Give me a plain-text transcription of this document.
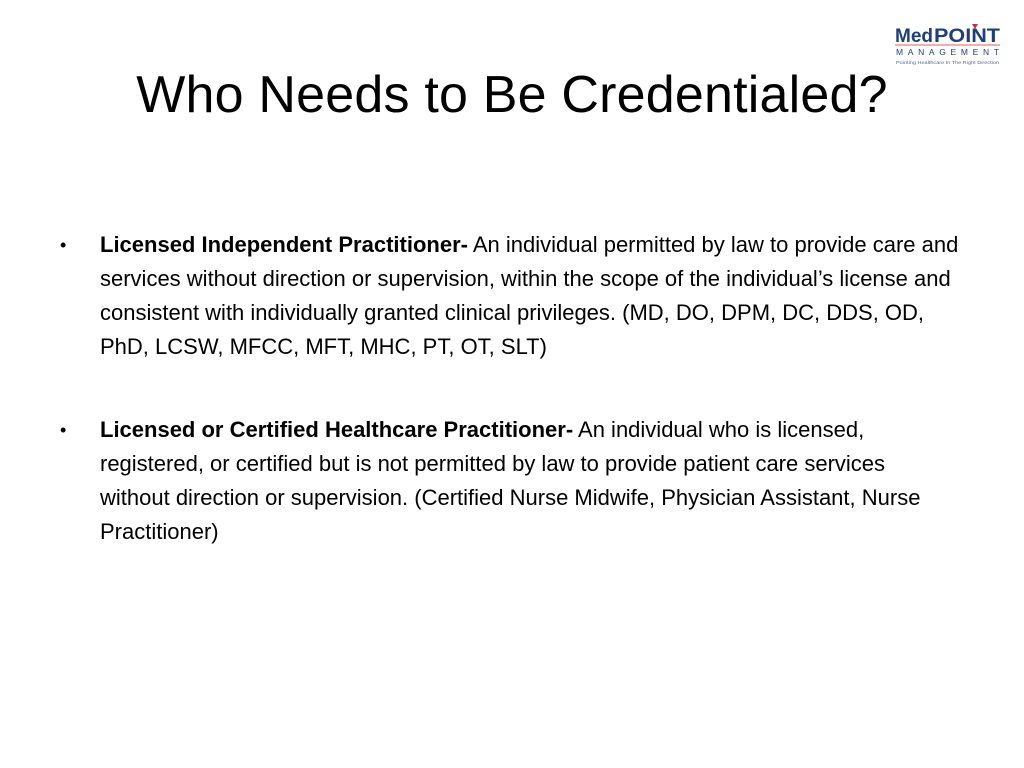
Med POINT
MANAGEMENT
Pointing Healthcare In The Right Direction
Who Needs to Be Credentialed?
•	Licensed Independent Practitioner- An individual permitted by law to provide care and services without direction or supervision, within the scope of the individual’s license and consistent with individually granted clinical privileges. (MD, DO, DPM, DC, DDS, OD, PhD, LCSW, MFCC, MFT, MHC, PT, OT, SLT)
•	Licensed or Certified Healthcare Practitioner- An individual who is licensed, registered, or certified but is not permitted by law to provide patient care services without direction or supervision. (Certified Nurse Midwife, Physician Assistant, Nurse Practitioner)
